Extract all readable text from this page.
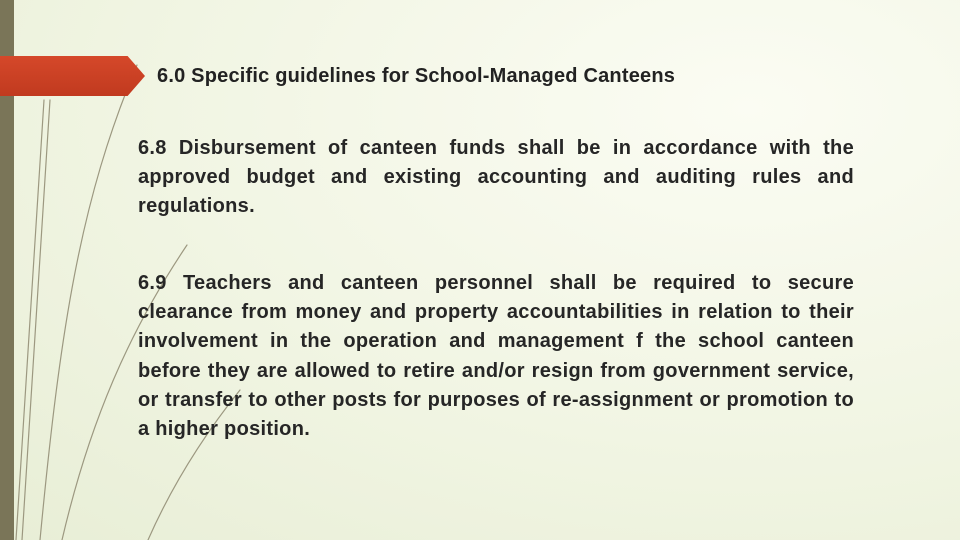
6.0 Specific guidelines for School-Managed Canteens

6.8 Disbursement of canteen funds shall be in accordance with the approved budget and existing accounting and auditing rules and regulations.

6.9 Teachers and canteen personnel shall be required to secure clearance from money and property accountabilities in relation to their involvement in the operation and management f the school canteen before they are allowed to retire and/or resign from government service, or transfer to other posts for purposes of re-assignment or promotion to a higher position.
